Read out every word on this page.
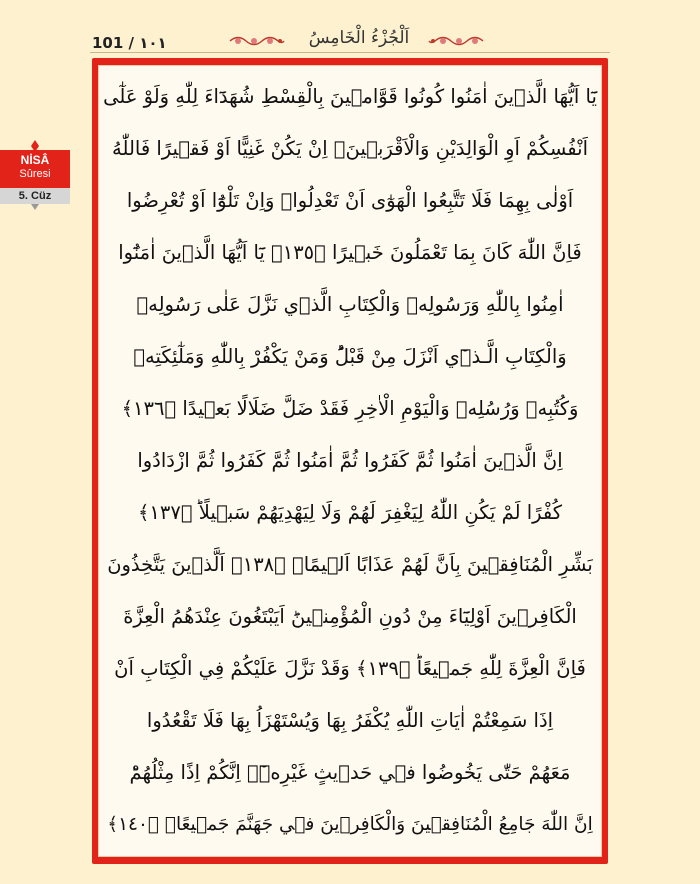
101 / ١٠١	اَلْجُزْءُ الْخَامِسُ
NİSÂ
Sûresi
5. Cüz
يَٓا اَيُّهَا الَّذ۪ينَ اٰمَنُوا كُونُوا قَوَّام۪ينَ بِالْقِسْطِ شُهَدَٓاءَ لِلّٰهِ وَلَوْ عَلٰٓى
اَنْفُسِكُمْ اَوِ الْوَالِدَيْنِ وَالْاَقْرَب۪ينَۚ اِنْ يَكُنْ غَنِيًّا اَوْ فَق۪يرًا فَاللّٰهُ
اَوْلٰى بِهِمَا فَلَا تَتَّبِعُوا الْهَوٰٓى اَنْ تَعْدِلُواۚ وَاِنْ تَلْوُٓا اَوْ تُعْرِضُوا
فَاِنَّ اللّٰهَ كَانَ بِمَا تَعْمَلُونَ خَب۪يرًا ﴿١٣٥﴾ يَٓا اَيُّهَا الَّذ۪ينَ اٰمَنُٓوا
اٰمِنُوا بِاللّٰهِ وَرَسُولِه۪ وَالْكِتَابِ الَّذ۪ي نَزَّلَ عَلٰى رَسُولِه۪
وَالْكِتَابِ الَّـذ۪ٓي اَنْزَلَ مِنْ قَبْلُؕ وَمَنْ يَكْفُرْ بِاللّٰهِ وَمَلٰٓئِكَتِه۪
وَكُتُبِه۪ وَرُسُلِه۪ وَالْيَوْمِ الْاٰخِرِ فَقَدْ ضَلَّ ضَلَالًا بَع۪يدًا ﴿١٣٦﴾
اِنَّ الَّذ۪ينَ اٰمَنُوا ثُمَّ كَفَرُوا ثُمَّ اٰمَنُوا ثُمَّ كَفَرُوا ثُمَّ ازْدَادُوا
كُفْرًا لَمْ يَكُنِ اللّٰهُ لِيَغْفِرَ لَهُمْ وَلَا لِيَهْدِيَهُمْ سَب۪يلًاؕ ﴿١٣٧﴾
بَشِّرِ الْمُنَافِق۪ينَ بِاَنَّ لَهُمْ عَذَابًا اَل۪يمًاۙ ﴿١٣٨﴾ اَلَّذ۪ينَ يَتَّخِذُونَ
الْكَافِر۪ينَ اَوْلِيَٓاءَ مِنْ دُونِ الْمُؤْمِن۪ينَؕ اَيَبْتَغُونَ عِنْدَهُمُ الْعِزَّةَ
فَاِنَّ الْعِزَّةَ لِلّٰهِ جَم۪يعًاؕ ﴿١٣٩﴾ وَقَدْ نَزَّلَ عَلَيْكُمْ فِي الْكِتَابِ اَنْ
اِذَا سَمِعْتُمْ اٰيَاتِ اللّٰهِ يُكْفَرُ بِهَا وَيُسْتَهْزَاُ بِهَا فَلَا تَقْعُدُوا
مَعَهُمْ حَتّٰى يَخُوضُوا ف۪ي حَد۪يثٍ غَيْرِه۪ٓۘ اِنَّكُمْ اِذًا مِثْلُهُمْؕ
اِنَّ اللّٰهَ جَامِعُ الْمُنَافِق۪ينَ وَالْكَافِر۪ينَ ف۪ي جَهَنَّمَ جَم۪يعًاۙ ﴿١٤٠﴾
